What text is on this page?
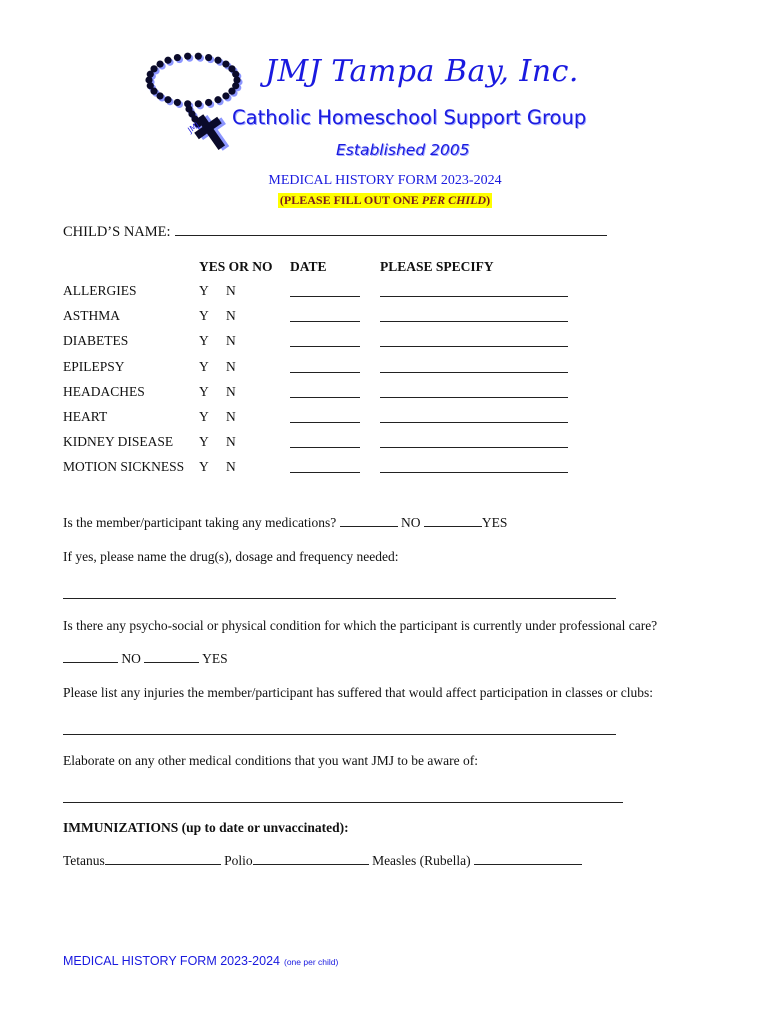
JMJ
JMJ Tampa Bay, Inc.
Catholic Homeschool Support Group
Established 2005
MEDICAL HISTORY FORM 2023-2024
(PLEASE FILL OUT ONE PER CHILD)
CHILD’S NAME:
YES OR NO DATE	PLEASE SPECIFY
ALLERGIES	Y N
ASTHMA	Y N
DIABETES	Y N
EPILEPSY	Y N
HEADACHES	Y N
HEART	Y N
KIDNEY DISEASE Y N
MOTION SICKNESS Y N
Is the member/participant taking any medications?	NO	YES
If yes, please name the drug(s), dosage and frequency needed:
Is there any psycho-social or physical condition for which the participant is currently under professional care?
NO	YES
Please list any injuries the member/participant has suffered that would affect participation in classes or clubs:
Elaborate on any other medical conditions that you want JMJ to be aware of:
IMMUNIZATIONS (up to date or unvaccinated):
Tetanus	Polio	Measles (Rubella)
MEDICAL HISTORY FORM 2023-2024 (one per child)
